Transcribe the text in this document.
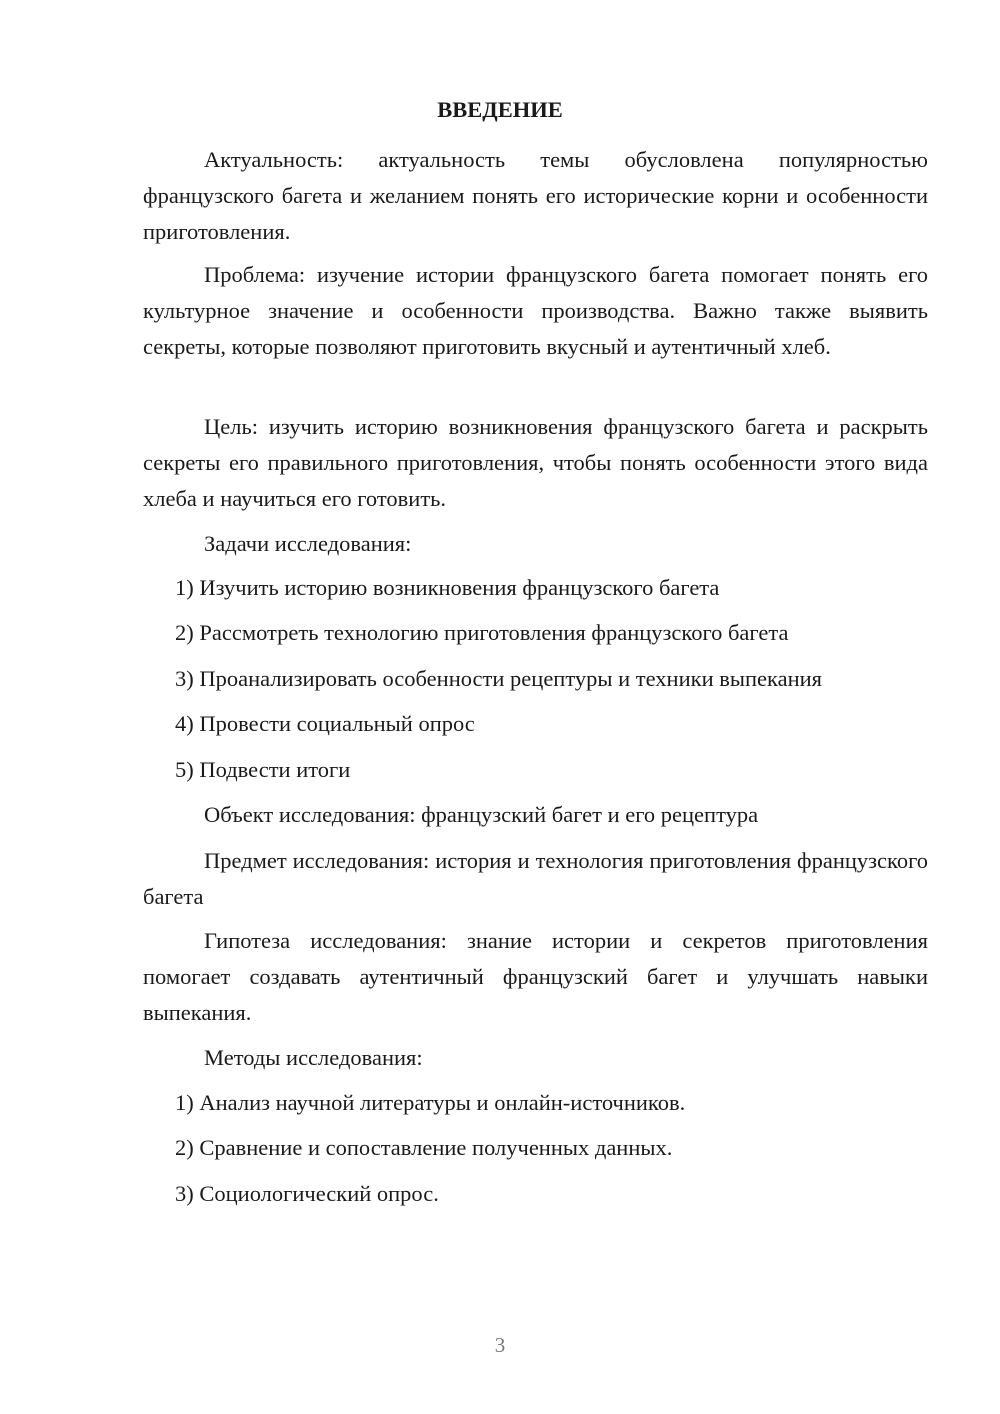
ВВЕДЕНИЕ
Актуальность: актуальность темы обусловлена популярностью французского багета и желанием понять его исторические корни и особенности приготовления.
Проблема: изучение истории французского багета помогает понять его культурное значение и особенности производства. Важно также выявить секреты, которые позволяют приготовить вкусный и аутентичный хлеб.
Цель: изучить историю возникновения французского багета и раскрыть секреты его правильного приготовления, чтобы понять особенности этого вида хлеба и научиться его готовить.
Задачи исследования:
1) Изучить историю возникновения французского багета
2) Рассмотреть технологию приготовления французского багета
3) Проанализировать особенности рецептуры и техники выпекания
4) Провести социальный опрос
5) Подвести итоги
Объект исследования: французский багет и его рецептура
Предмет исследования: история и технология приготовления французского багета
Гипотеза исследования: знание истории и секретов приготовления помогает создавать аутентичный французский багет и улучшать навыки выпекания.
Методы исследования:
1) Анализ научной литературы и онлайн-источников.
2) Сравнение и сопоставление полученных данных.
3) Социологический опрос.
3
